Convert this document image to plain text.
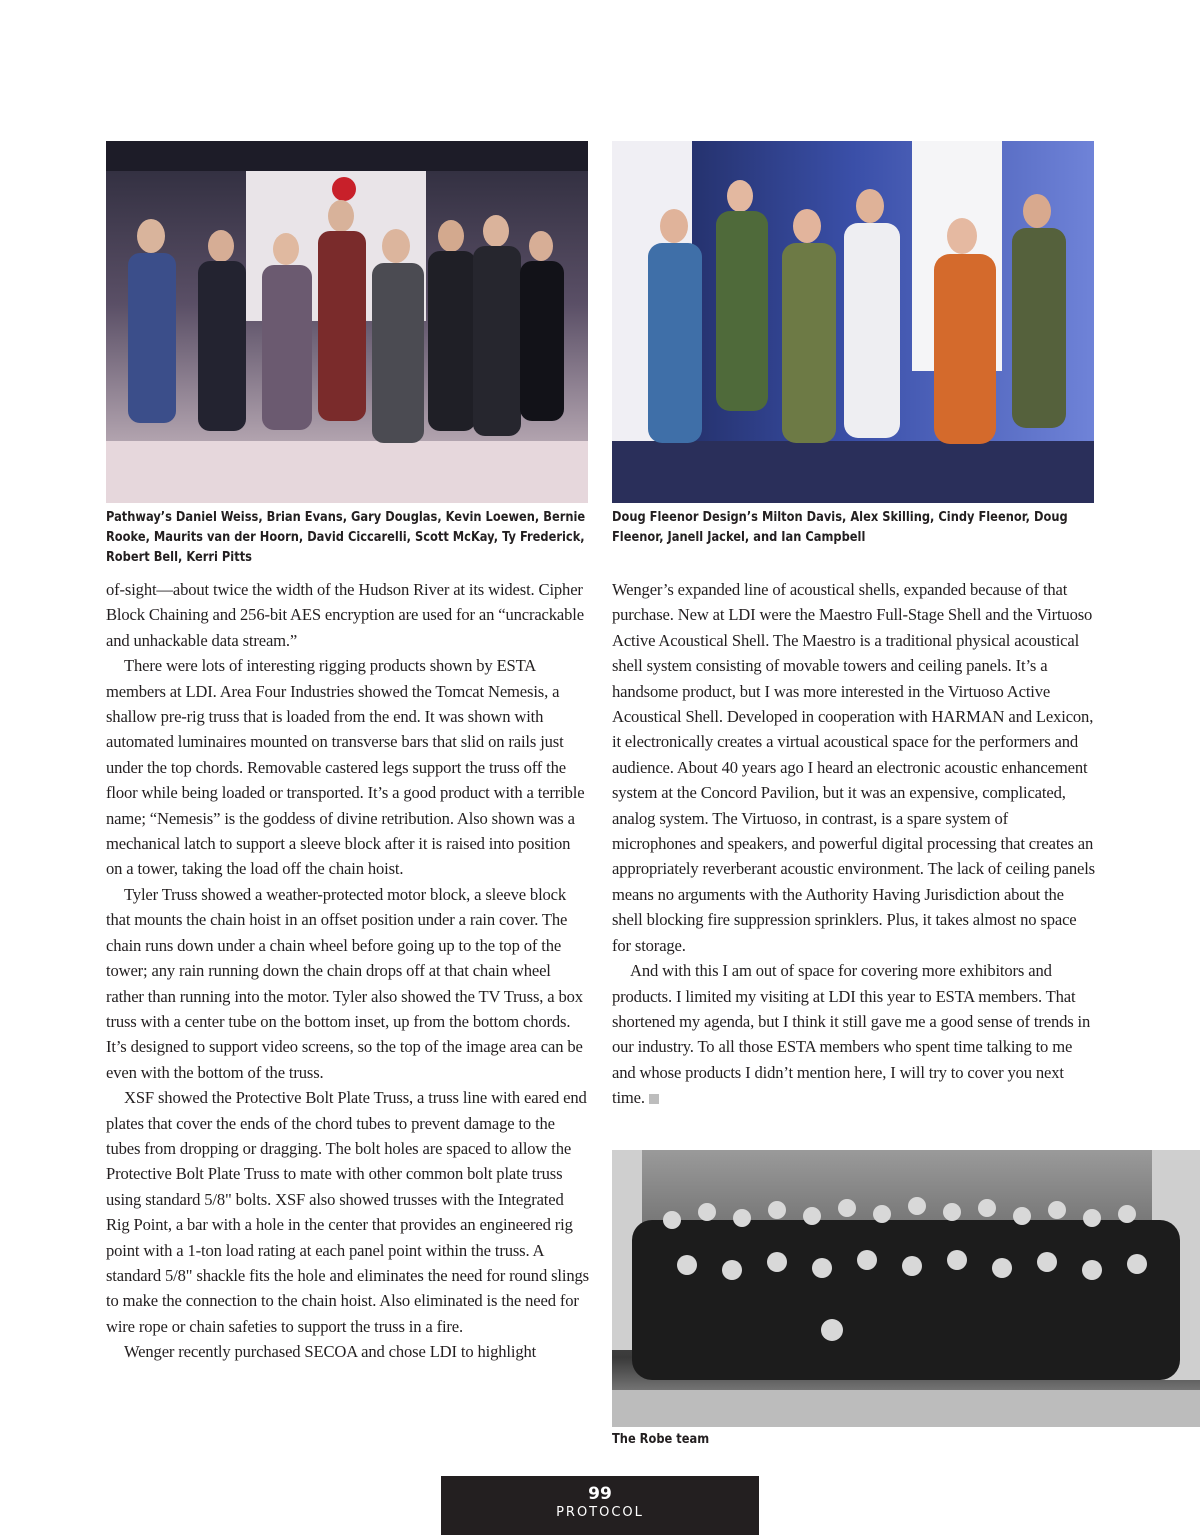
Pathway’s Daniel Weiss, Brian Evans, Gary Douglas, Kevin Loewen, Bernie Rooke, Maurits van der Hoorn, David Ciccarelli, Scott McKay, Ty Frederick, Robert Bell, Kerri Pitts
Doug Fleenor Design’s Milton Davis, Alex Skilling, Cindy Fleenor, Doug Fleenor, Janell Jackel, and Ian Campbell

of-sight—about twice the width of the Hudson River at its widest. Cipher Block Chaining and 256-bit AES encryption are used for an “uncrackable and unhackable data stream.”

There were lots of interesting rigging products shown by ESTA members at LDI. Area Four Industries showed the Tomcat Nemesis, a shallow pre-rig truss that is loaded from the end. It was shown with automated luminaires mounted on transverse bars that slid on rails just under the top chords. Removable castered legs support the truss off the floor while being loaded or transported. It’s a good product with a terrible name; “Nemesis” is the goddess of divine retribution. Also shown was a mechanical latch to support a sleeve block after it is raised into position on a tower, taking the load off the chain hoist.

Tyler Truss showed a weather-protected motor block, a sleeve block that mounts the chain hoist in an offset position under a rain cover. The chain runs down under a chain wheel before going up to the top of the tower; any rain running down the chain drops off at that chain wheel rather than running into the motor. Tyler also showed the TV Truss, a box truss with a center tube on the bottom inset, up from the bottom chords. It’s designed to support video screens, so the top of the image area can be even with the bottom of the truss.

XSF showed the Protective Bolt Plate Truss, a truss line with eared end plates that cover the ends of the chord tubes to prevent damage to the tubes from dropping or dragging. The bolt holes are spaced to allow the Protective Bolt Plate Truss to mate with other common bolt plate truss using standard 5/8" bolts. XSF also showed trusses with the Integrated Rig Point, a bar with a hole in the center that provides an engineered rig point with a 1-ton load rating at each panel point within the truss. A standard 5/8" shackle fits the hole and eliminates the need for round slings to make the connection to the chain hoist. Also eliminated is the need for wire rope or chain safeties to support the truss in a fire.

Wenger recently purchased SECOA and chose LDI to highlight

Wenger’s expanded line of acoustical shells, expanded because of that purchase. New at LDI were the Maestro Full-Stage Shell and the Virtuoso Active Acoustical Shell. The Maestro is a traditional physical acoustical shell system consisting of movable towers and ceiling panels. It’s a handsome product, but I was more interested in the Virtuoso Active Acoustical Shell. Developed in cooperation with HARMAN and Lexicon, it electronically creates a virtual acoustical space for the performers and audience. About 40 years ago I heard an electronic acoustic enhancement system at the Concord Pavilion, but it was an expensive, complicated, analog system. The Virtuoso, in contrast, is a spare system of microphones and speakers, and powerful digital processing that creates an appropriately reverberant acoustic environment. The lack of ceiling panels means no arguments with the Authority Having Jurisdiction about the shell blocking fire suppression sprinklers. Plus, it takes almost no space for storage.

And with this I am out of space for covering more exhibitors and products. I limited my visiting at LDI this year to ESTA members. That shortened my agenda, but I think it still gave me a good sense of trends in our industry. To all those ESTA members who spent time talking to me and whose products I didn’t mention here, I will try to cover you next time.

The Robe team
99
PROTOCOL
